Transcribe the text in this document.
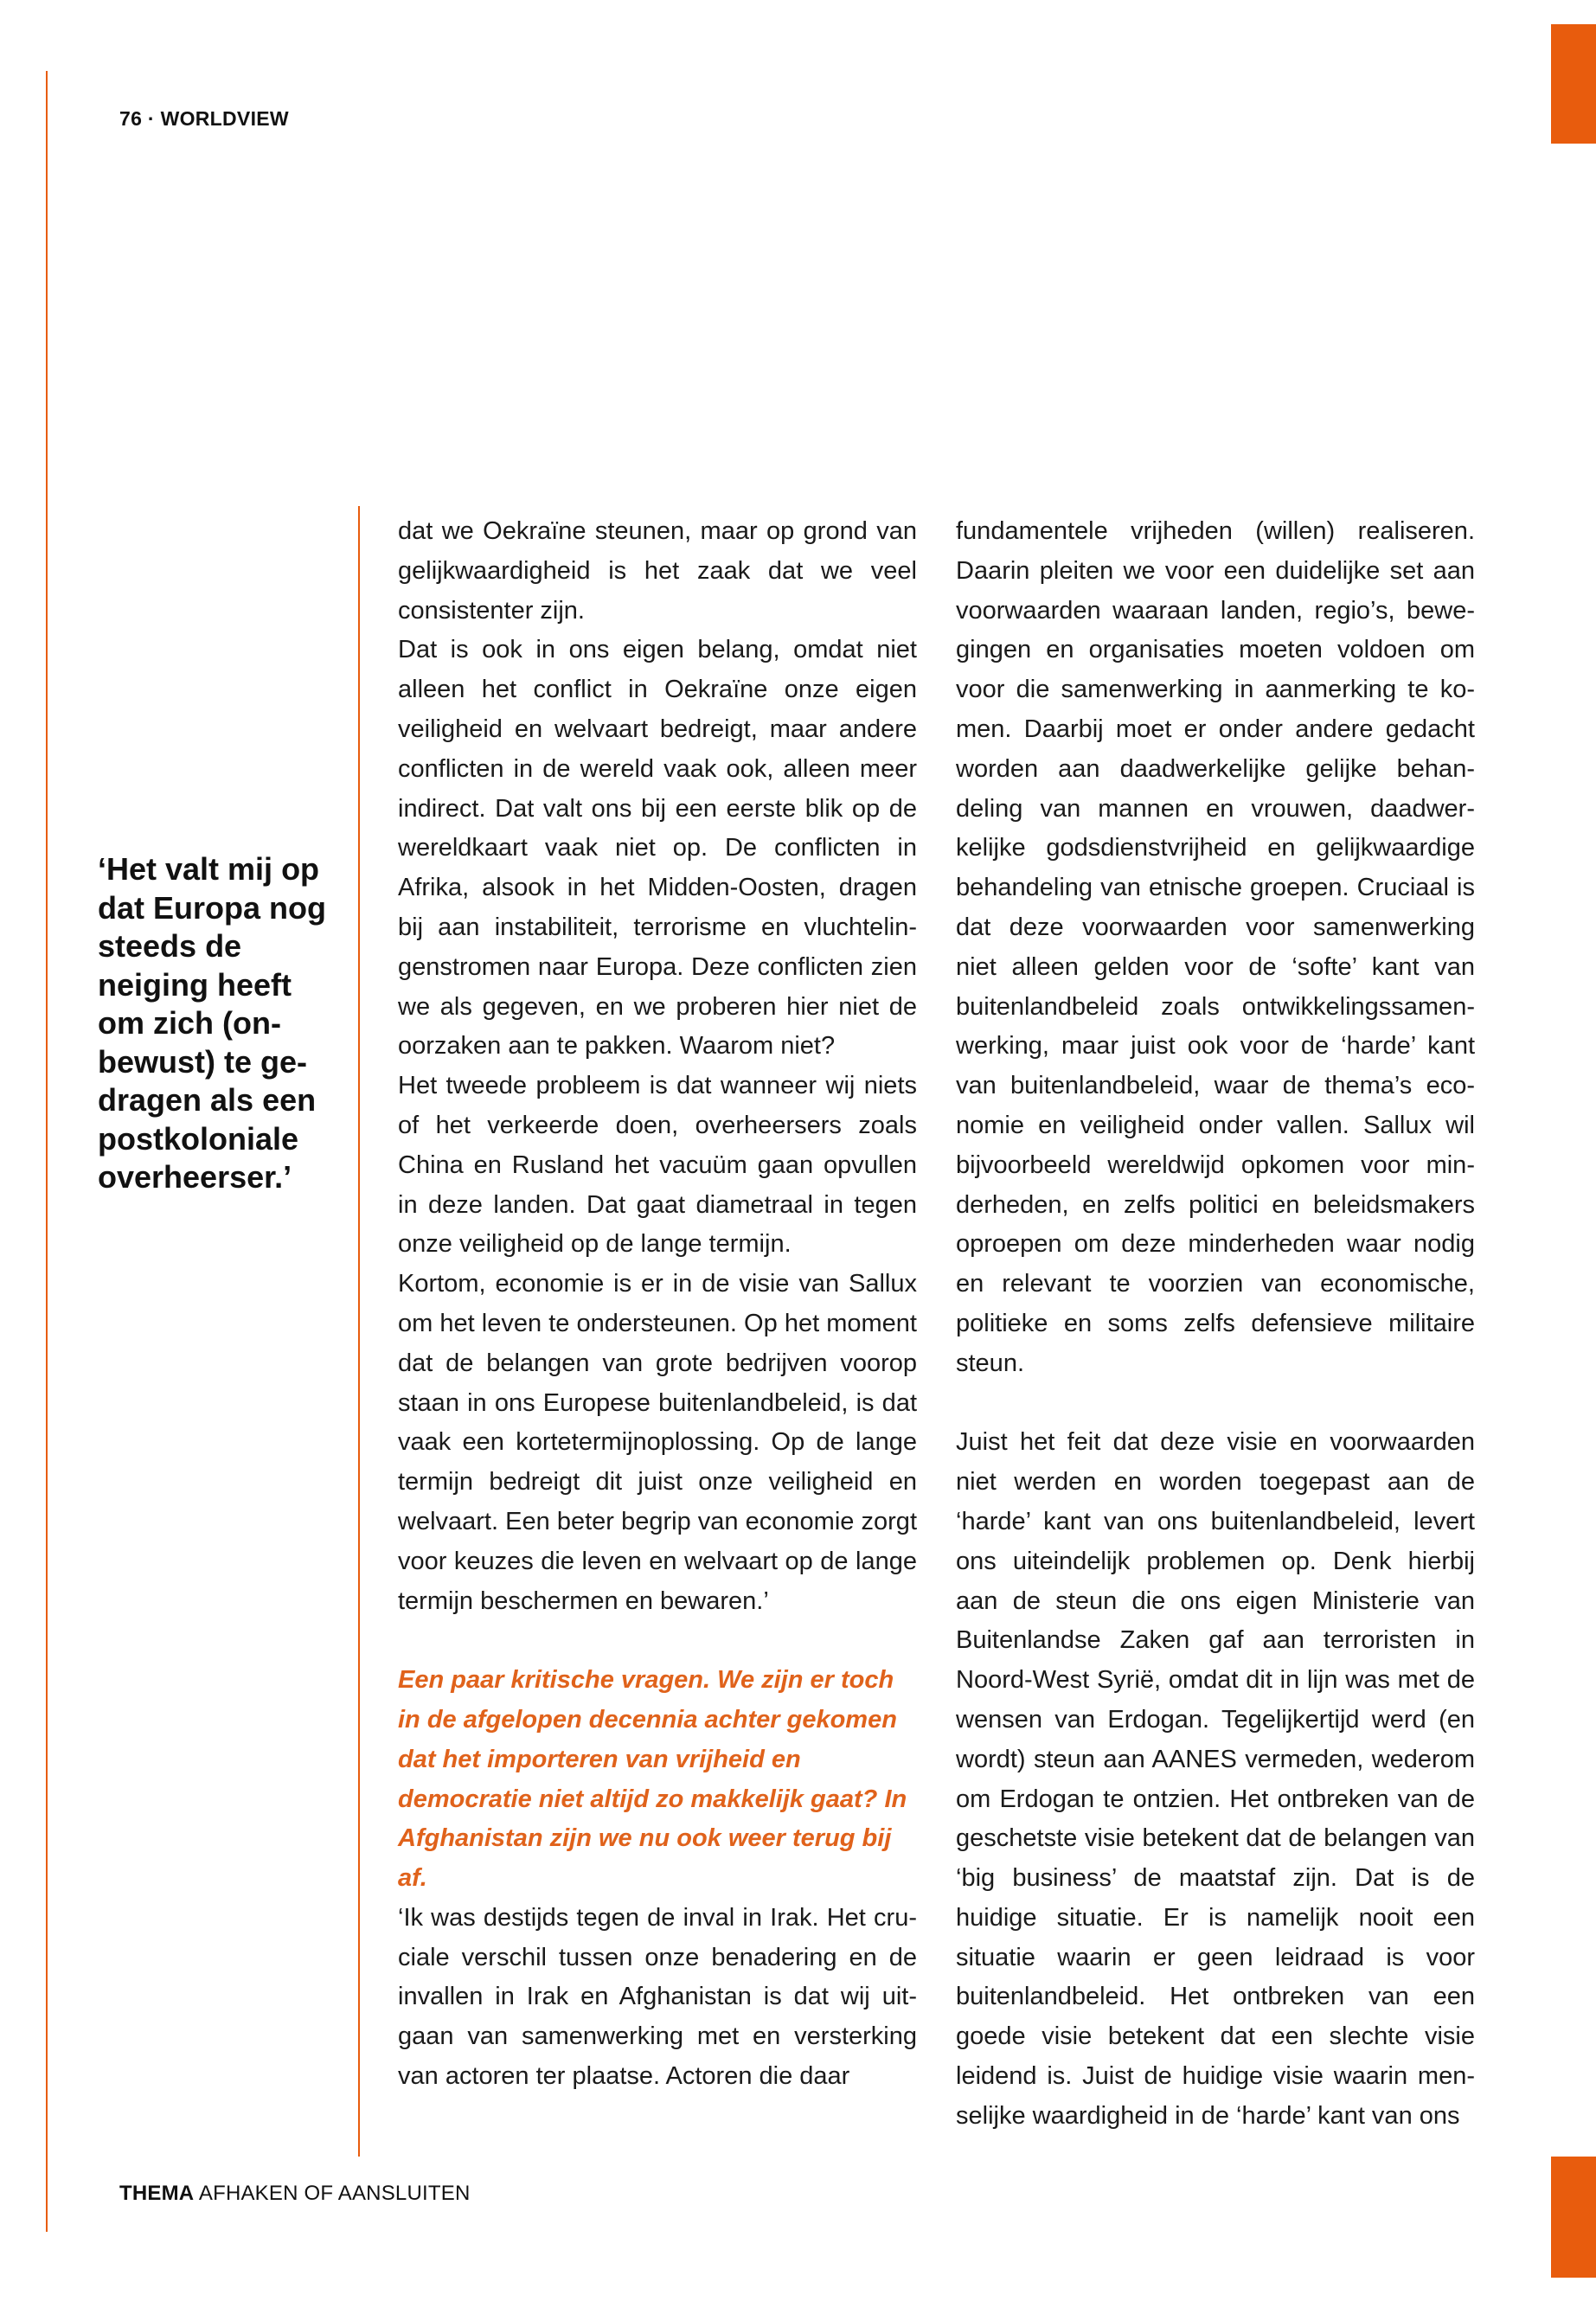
76 · WORLDVIEW

‘Het valt mij op dat Europa nog steeds de neiging heeft om zich (onbewust) te gedragen als een postkoloniale overheerser.’

dat we Oekraïne steunen, maar op grond van gelijkwaardigheid is het zaak dat we veel consistenter zijn.

Dat is ook in ons eigen belang, omdat niet alleen het conflict in Oekraïne onze eigen veiligheid en welvaart bedreigt, maar andere conflicten in de wereld vaak ook, alleen meer indirect. Dat valt ons bij een eerste blik op de wereldkaart vaak niet op. De conflicten in Afrika, alsook in het Midden-Oosten, dragen bij aan instabiliteit, terrorisme en vluchtelingenstromen naar Europa. Deze conflicten zien we als gegeven, en we proberen hier niet de oorzaken aan te pakken. Waarom niet?

Het tweede probleem is dat wanneer wij niets of het verkeerde doen, overheersers zoals China en Rusland het vacuüm gaan opvullen in deze landen. Dat gaat diametraal in tegen onze veiligheid op de lange termijn.

Kortom, economie is er in de visie van Sallux om het leven te ondersteunen. Op het moment dat de belangen van grote bedrijven voorop staan in ons Europese buitenlandbeleid, is dat vaak een kortetermijnoplossing. Op de lange termijn bedreigt dit juist onze veiligheid en welvaart. Een beter begrip van economie zorgt voor keuzes die leven en welvaart op de lange termijn beschermen en bewaren.’

Een paar kritische vragen. We zijn er toch in de afgelopen decennia achter gekomen dat het importeren van vrijheid en democratie niet altijd zo makkelijk gaat? In Afghanistan zijn we nu ook weer terug bij af.

‘Ik was destijds tegen de inval in Irak. Het cruciale verschil tussen onze benadering en de invallen in Irak en Afghanistan is dat wij uitgaan van samenwerking met en versterking van actoren ter plaatse. Actoren die daar

fundamentele vrijheden (willen) realiseren. Daarin pleiten we voor een duidelijke set aan voorwaarden waaraan landen, regio’s, bewegingen en organisaties moeten voldoen om voor die samenwerking in aanmerking te komen. Daarbij moet er onder andere gedacht worden aan daadwerkelijke gelijke behandeling van mannen en vrouwen, daadwerkelijke godsdienstvrijheid en gelijkwaardige behandeling van etnische groepen. Cruciaal is dat deze voorwaarden voor samenwerking niet alleen gelden voor de ‘softe’ kant van buitenlandbeleid zoals ontwikkelingssamenwerking, maar juist ook voor de ‘harde’ kant van buitenlandbeleid, waar de thema’s economie en veiligheid onder vallen. Sallux wil bijvoorbeeld wereldwijd opkomen voor minderheden, en zelfs politici en beleidsmakers oproepen om deze minderheden waar nodig en relevant te voorzien van economische, politieke en soms zelfs defensieve militaire steun.

Juist het feit dat deze visie en voorwaarden niet werden en worden toegepast aan de ‘harde’ kant van ons buitenlandbeleid, levert ons uiteindelijk problemen op. Denk hierbij aan de steun die ons eigen Ministerie van Buitenlandse Zaken gaf aan terroristen in Noord-West Syrië, omdat dit in lijn was met de wensen van Erdogan. Tegelijkertijd werd (en wordt) steun aan AANES vermeden, wederom om Erdogan te ontzien. Het ontbreken van de geschetste visie betekent dat de belangen van ‘big business’ de maatstaf zijn. Dat is de huidige situatie. Er is namelijk nooit een situatie waarin er geen leidraad is voor buitenlandbeleid. Het ontbreken van een goede visie betekent dat een slechte visie leidend is. Juist de huidige visie waarin menselijke waardigheid in de ‘harde’ kant van ons

THEMA AFHAKEN OF AANSLUITEN
